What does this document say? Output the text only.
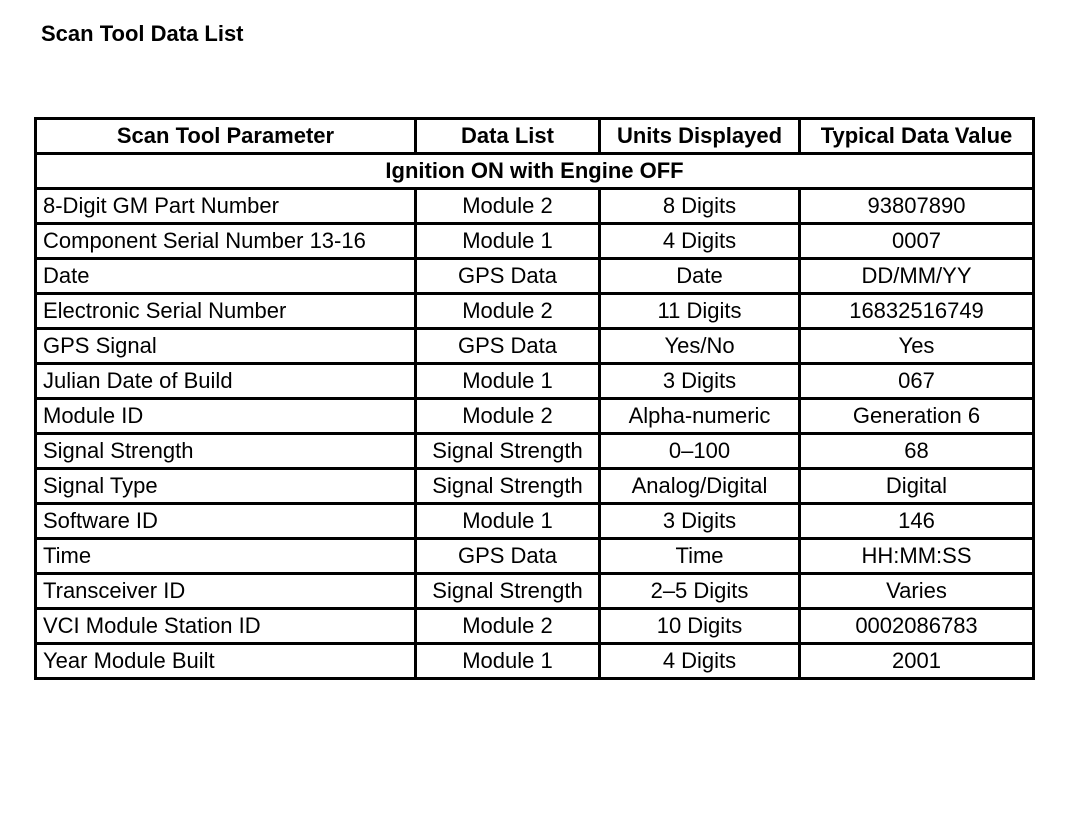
Scan Tool Data List
Scan Tool Parameter	Data List	Units Displayed	Typical Data Value
Ignition ON with Engine OFF			
8-Digit GM Part Number	Module 2	8 Digits	93807890
Component Serial Number 13-16	Module 1	4 Digits	0007
Date	GPS Data	Date	DD/MM/YY
Electronic Serial Number	Module 2	11 Digits	16832516749
GPS Signal	GPS Data	Yes/No	Yes
Julian Date of Build	Module 1	3 Digits	067
Module ID	Module 2	Alpha-numeric	Generation 6
Signal Strength	Signal Strength	0–100	68
Signal Type	Signal Strength	Analog/Digital	Digital
Software ID	Module 1	3 Digits	146
Time	GPS Data	Time	HH:MM:SS
Transceiver ID	Signal Strength	2–5 Digits	Varies
VCI Module Station ID	Module 2	10 Digits	0002086783
Year Module Built	Module 1	4 Digits	2001
